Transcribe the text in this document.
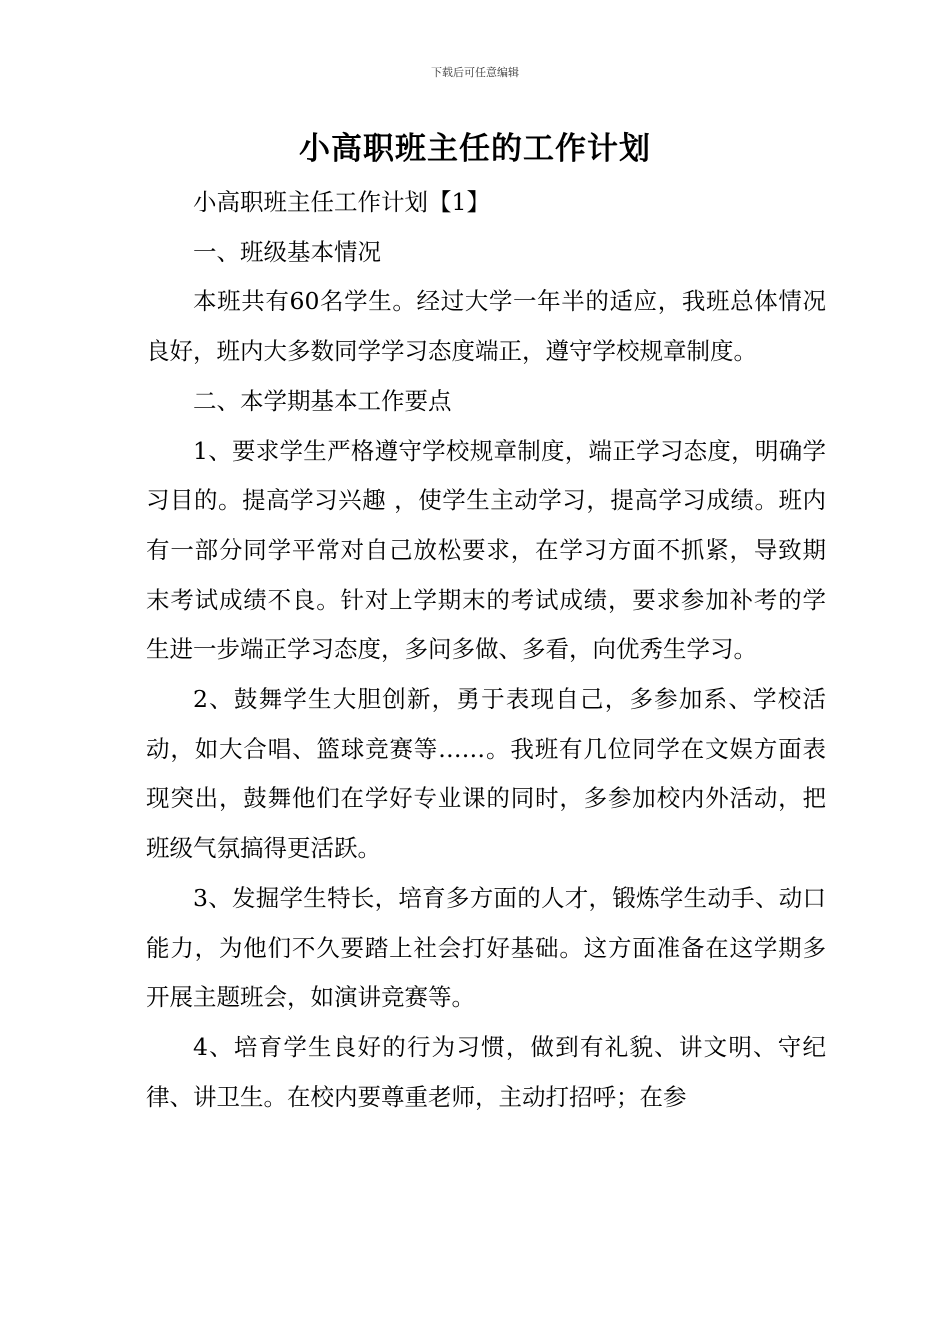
下载后可任意编辑
小高职班主任的工作计划

小高职班主任工作计划【1】

一、班级基本情况

本班共有60名学生。经过大学一年半的适应，我班总体情况良好，班内大多数同学学习态度端正，遵守学校规章制度。

二、本学期基本工作要点

1、要求学生严格遵守学校规章制度，端正学习态度，明确学习目的。提高学习兴趣 ，使学生主动学习，提高学习成绩。班内有一部分同学平常对自己放松要求，在学习方面不抓紧，导致期末考试成绩不良。针对上学期末的考试成绩，要求参加补考的学生进一步端正学习态度，多问多做、多看，向优秀生学习。

2、鼓舞学生大胆创新，勇于表现自己，多参加系、学校活动，如大合唱、篮球竞赛等……。我班有几位同学在文娱方面表现突出，鼓舞他们在学好专业课的同时，多参加校内外活动，把班级气氛搞得更活跃。

3、发掘学生特长，培育多方面的人才，锻炼学生动手、动口能力，为他们不久要踏上社会打好基础。这方面准备在这学期多开展主题班会，如演讲竞赛等。

4、培育学生良好的行为习惯，做到有礼貌、讲文明、守纪律、讲卫生。在校内要尊重老师，主动打招呼；在参
